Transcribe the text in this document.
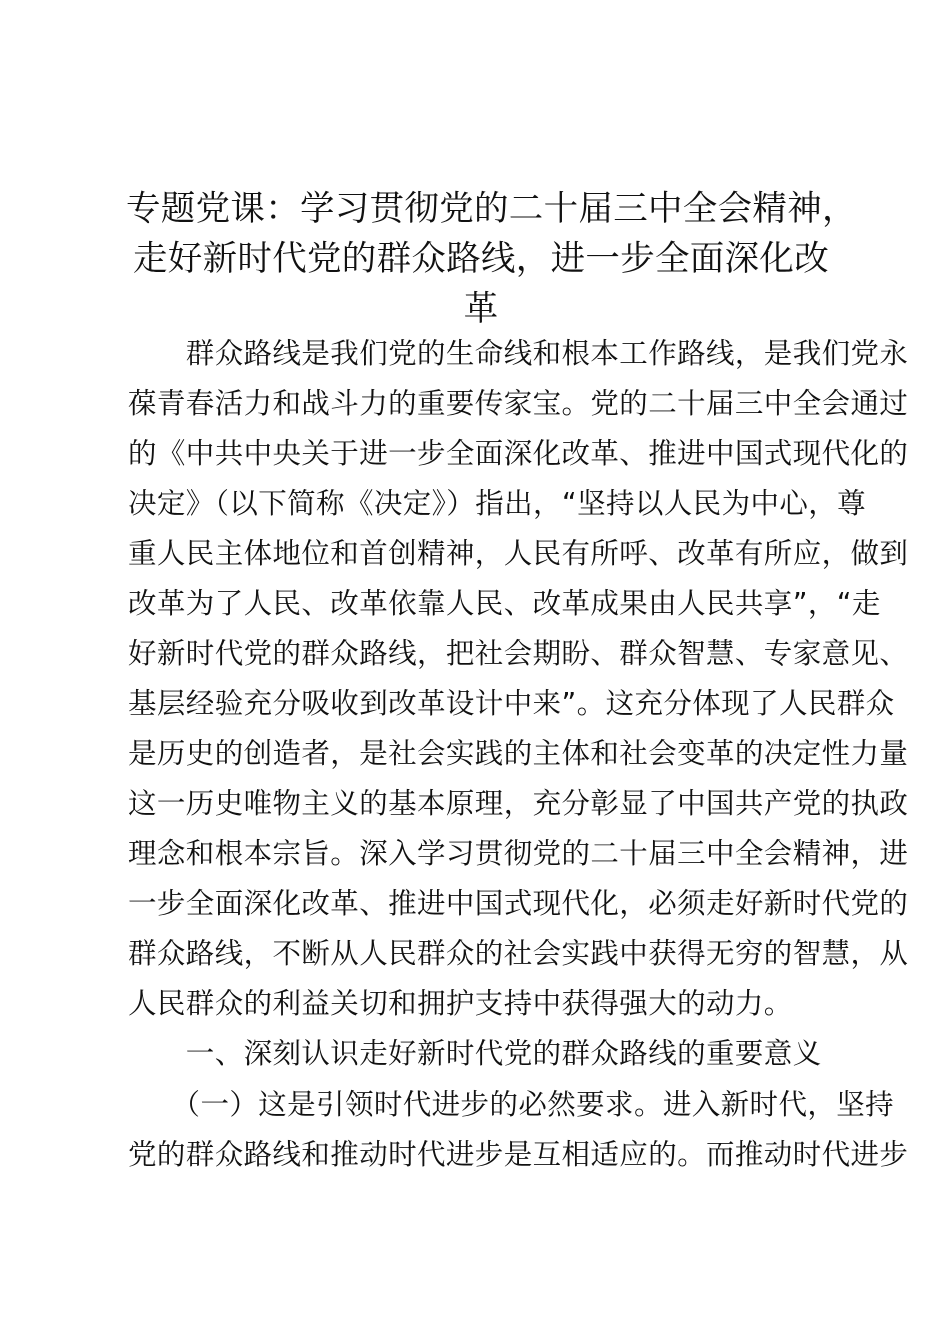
专题党课：学习贯彻党的二十届三中全会精神，
走好新时代党的群众路线，进一步全面深化改
革
　　群众路线是我们党的生命线和根本工作路线，是我们党永
葆青春活力和战斗力的重要传家宝。党的二十届三中全会通过
的《中共中央关于进一步全面深化改革、推进中国式现代化的
决定》（以下简称《决定》）指出，“坚持以人民为中心，尊
重人民主体地位和首创精神，人民有所呼、改革有所应，做到
改革为了人民、改革依靠人民、改革成果由人民共享”，“走
好新时代党的群众路线，把社会期盼、群众智慧、专家意见、
基层经验充分吸收到改革设计中来”。这充分体现了人民群众
是历史的创造者，是社会实践的主体和社会变革的决定性力量
这一历史唯物主义的基本原理，充分彰显了中国共产党的执政
理念和根本宗旨。深入学习贯彻党的二十届三中全会精神，进
一步全面深化改革、推进中国式现代化，必须走好新时代党的
群众路线，不断从人民群众的社会实践中获得无穷的智慧，从
人民群众的利益关切和拥护支持中获得强大的动力。
　　一、深刻认识走好新时代党的群众路线的重要意义
　　（一）这是引领时代进步的必然要求。进入新时代，坚持
党的群众路线和推动时代进步是互相适应的。而推动时代进步
